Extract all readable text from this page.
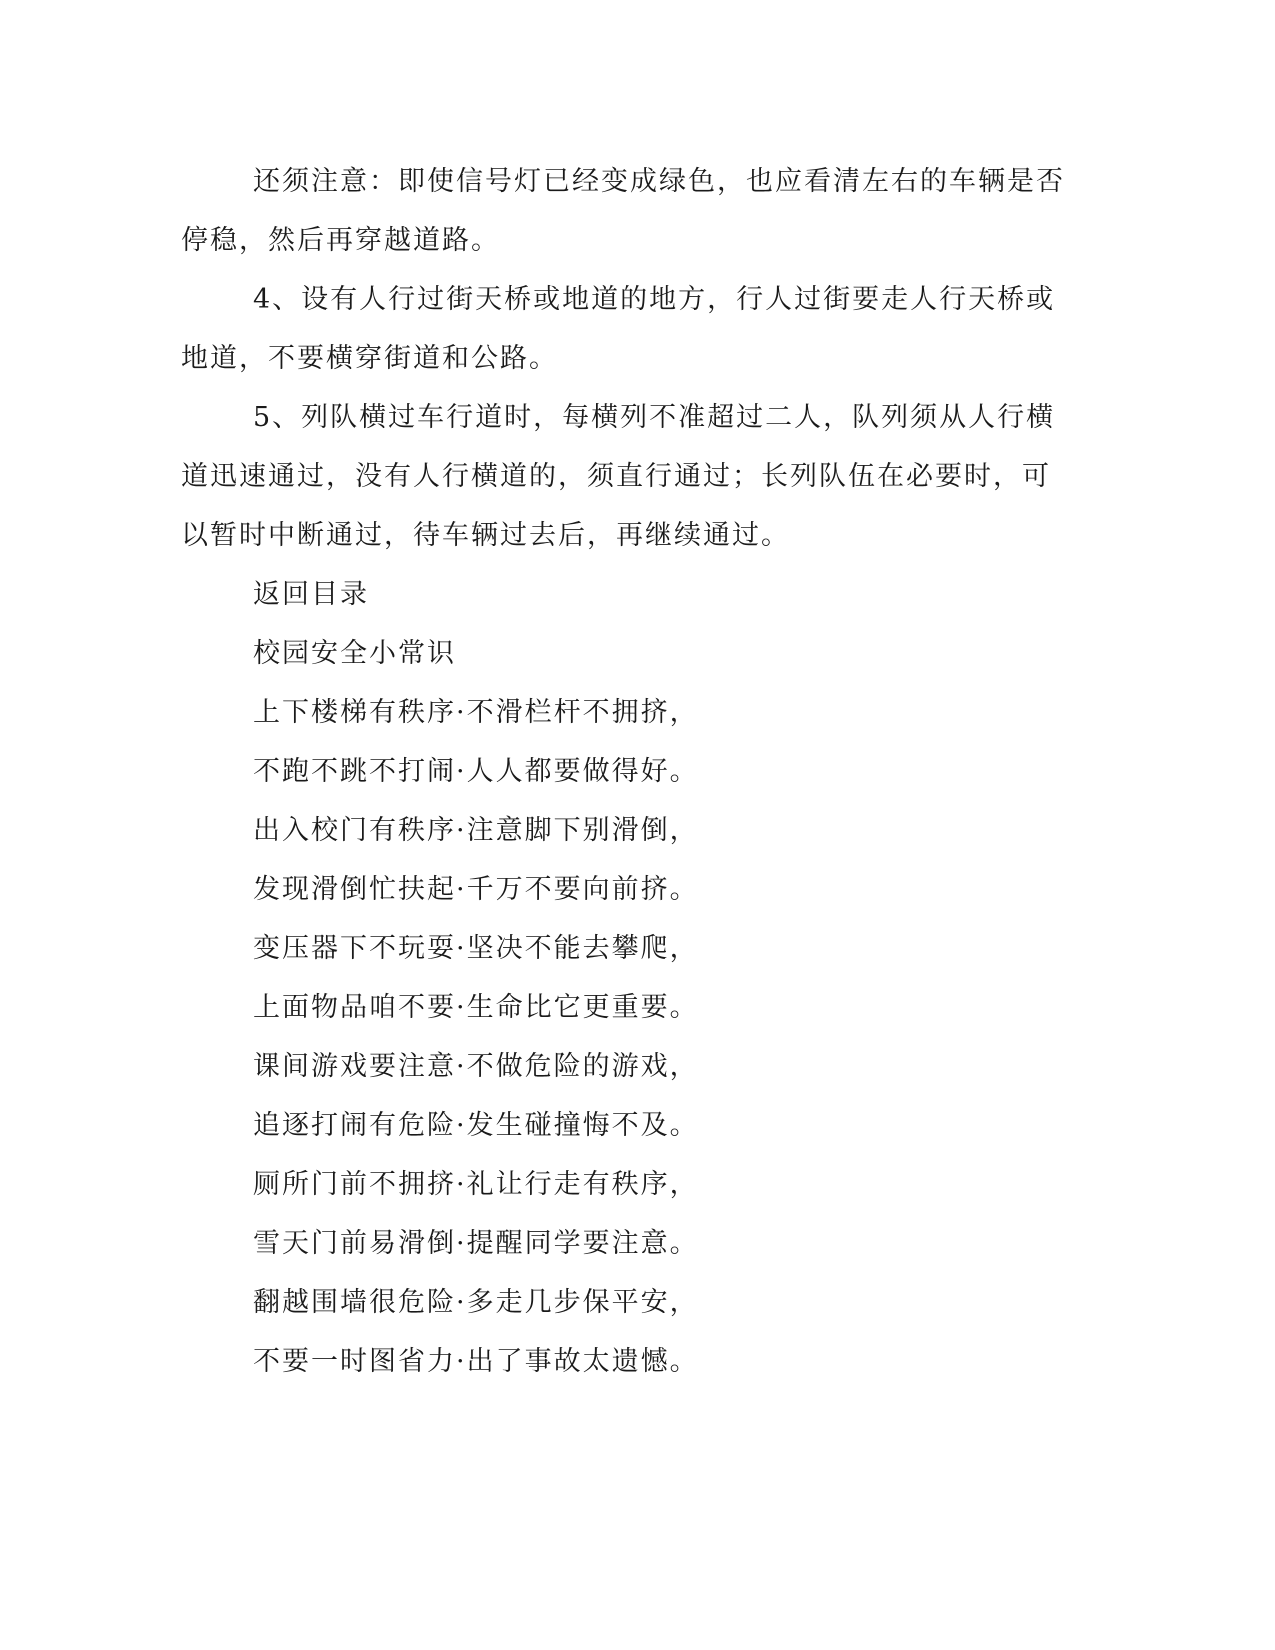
还须注意：即使信号灯已经变成绿色，也应看清左右的车辆是否
停稳，然后再穿越道路。
4、设有人行过街天桥或地道的地方，行人过街要走人行天桥或
地道，不要横穿街道和公路。
5、列队横过车行道时，每横列不准超过二人，队列须从人行横
道迅速通过，没有人行横道的，须直行通过；长列队伍在必要时，可
以暂时中断通过，待车辆过去后，再继续通过。
返回目录
校园安全小常识
上下楼梯有秩序·不滑栏杆不拥挤，
不跑不跳不打闹·人人都要做得好。
出入校门有秩序·注意脚下别滑倒，
发现滑倒忙扶起·千万不要向前挤。
变压器下不玩耍·坚决不能去攀爬，
上面物品咱不要·生命比它更重要。
课间游戏要注意·不做危险的游戏，
追逐打闹有危险·发生碰撞悔不及。
厕所门前不拥挤·礼让行走有秩序，
雪天门前易滑倒·提醒同学要注意。
翻越围墙很危险·多走几步保平安，
不要一时图省力·出了事故太遗憾。
